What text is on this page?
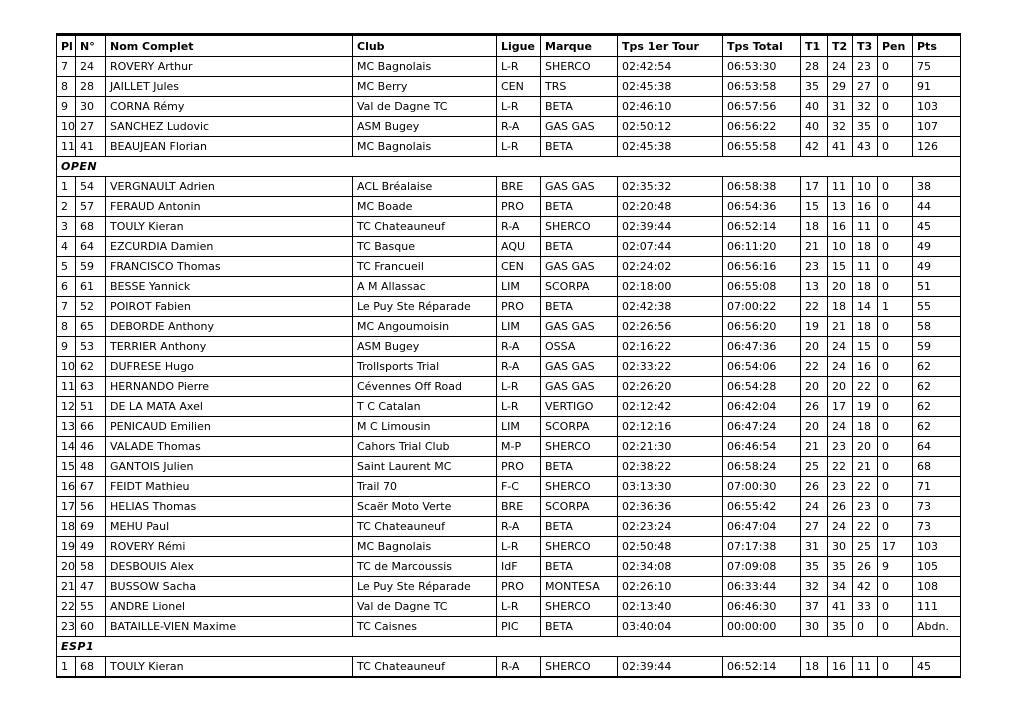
Pl	N°	Nom Complet	Club	Ligue	Marque	Tps 1er Tour	Tps Total	T1	T2	T3	Pen	Pts
7	24	ROVERY Arthur	MC Bagnolais	L-R	SHERCO	02:42:54	06:53:30	28	24	23	0	75
8	28	JAILLET Jules	MC Berry	CEN	TRS	02:45:38	06:53:58	35	29	27	0	91
9	30	CORNA Rémy	Val de Dagne TC	L-R	BETA	02:46:10	06:57:56	40	31	32	0	103
10	27	SANCHEZ Ludovic	ASM Bugey	R-A	GAS GAS	02:50:12	06:56:22	40	32	35	0	107
11	41	BEAUJEAN Florian	MC Bagnolais	L-R	BETA	02:45:38	06:55:58	42	41	43	0	126
OPEN												
1	54	VERGNAULT Adrien	ACL Bréalaise	BRE	GAS GAS	02:35:32	06:58:38	17	11	10	0	38
2	57	FERAUD Antonin	MC Boade	PRO	BETA	02:20:48	06:54:36	15	13	16	0	44
3	68	TOULY Kieran	TC Chateauneuf	R-A	SHERCO	02:39:44	06:52:14	18	16	11	0	45
4	64	EZCURDIA Damien	TC Basque	AQU	BETA	02:07:44	06:11:20	21	10	18	0	49
5	59	FRANCISCO Thomas	TC Francueil	CEN	GAS GAS	02:24:02	06:56:16	23	15	11	0	49
6	61	BESSE Yannick	A M Allassac	LIM	SCORPA	02:18:00	06:55:08	13	20	18	0	51
7	52	POIROT Fabien	Le Puy Ste Réparade	PRO	BETA	02:42:38	07:00:22	22	18	14	1	55
8	65	DEBORDE Anthony	MC Angoumoisin	LIM	GAS GAS	02:26:56	06:56:20	19	21	18	0	58
9	53	TERRIER Anthony	ASM Bugey	R-A	OSSA	02:16:22	06:47:36	20	24	15	0	59
10	62	DUFRESE Hugo	Trollsports Trial	R-A	GAS GAS	02:33:22	06:54:06	22	24	16	0	62
11	63	HERNANDO Pierre	Cévennes Off Road	L-R	GAS GAS	02:26:20	06:54:28	20	20	22	0	62
12	51	DE LA MATA Axel	T C Catalan	L-R	VERTIGO	02:12:42	06:42:04	26	17	19	0	62
13	66	PENICAUD Emilien	M C Limousin	LIM	SCORPA	02:12:16	06:47:24	20	24	18	0	62
14	46	VALADE Thomas	Cahors Trial Club	M-P	SHERCO	02:21:30	06:46:54	21	23	20	0	64
15	48	GANTOIS Julien	Saint Laurent MC	PRO	BETA	02:38:22	06:58:24	25	22	21	0	68
16	67	FEIDT Mathieu	Trail 70	F-C	SHERCO	03:13:30	07:00:30	26	23	22	0	71
17	56	HELIAS Thomas	Scaër Moto Verte	BRE	SCORPA	02:36:36	06:55:42	24	26	23	0	73
18	69	MEHU Paul	TC Chateauneuf	R-A	BETA	02:23:24	06:47:04	27	24	22	0	73
19	49	ROVERY Rémi	MC Bagnolais	L-R	SHERCO	02:50:48	07:17:38	31	30	25	17	103
20	58	DESBOUIS Alex	TC de Marcoussis	IdF	BETA	02:34:08	07:09:08	35	35	26	9	105
21	47	BUSSOW Sacha	Le Puy Ste Réparade	PRO	MONTESA	02:26:10	06:33:44	32	34	42	0	108
22	55	ANDRE Lionel	Val de Dagne TC	L-R	SHERCO	02:13:40	06:46:30	37	41	33	0	111
23	60	BATAILLE-VIEN Maxime	TC Caisnes	PIC	BETA	03:40:04	00:00:00	30	35	0	0	Abdn.
ESP1												
1	68	TOULY Kieran	TC Chateauneuf	R-A	SHERCO	02:39:44	06:52:14	18	16	11	0	45
